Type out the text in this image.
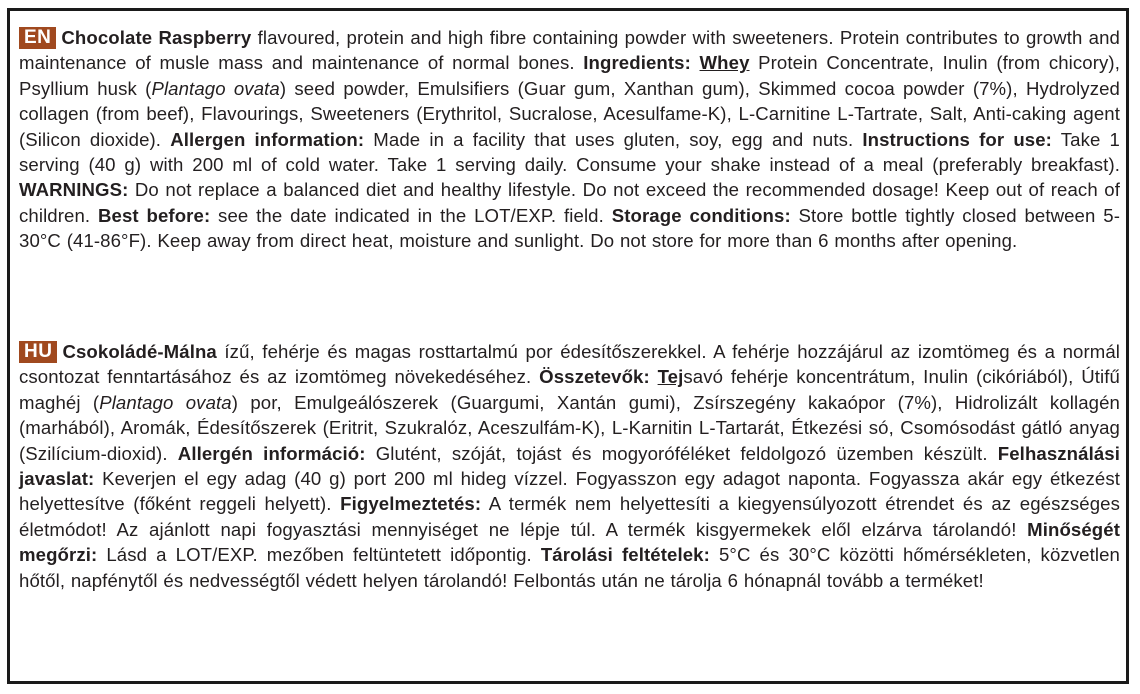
EN Chocolate Raspberry flavoured, protein and high fibre containing powder with sweeteners. Protein contributes to growth and maintenance of musle mass and maintenance of normal bones. Ingredients: Whey Protein Concentrate, Inulin (from chicory), Psyllium husk (Plantago ovata) seed powder, Emulsifiers (Guar gum, Xanthan gum), Skimmed cocoa powder (7%), Hydrolyzed collagen (from beef), Flavourings, Sweeteners (Erythritol, Sucralose, Acesulfame-K), L-Carnitine L-Tartrate, Salt, Anti-caking agent (Silicon dioxide). Allergen information: Made in a facility that uses gluten, soy, egg and nuts. Instructions for use: Take 1 serving (40 g) with 200 ml of cold water. Take 1 serving daily. Consume your shake instead of a meal (preferably breakfast). WARNINGS: Do not replace a balanced diet and healthy lifestyle. Do not exceed the recommended dosage! Keep out of reach of children. Best before: see the date indicated in the LOT/EXP. field. Storage conditions: Store bottle tightly closed between 5-30°C (41-86°F). Keep away from direct heat, moisture and sunlight. Do not store for more than 6 months after opening.
HU Csokoládé-Málna ízű, fehérje és magas rosttartalmú por édesítőszerekkel. A fehérje hozzájárul az izomtömeg és a normál csontozat fenntartásához és az izomtömeg növekedéséhez. Összetevők: Tejsavó fehérje koncentrátum, Inulin (cikóriából), Útifű maghéj (Plantago ovata) por, Emulgeálószerek (Guargumi, Xantán gumi), Zsírszegény kakaópor (7%), Hidrolizált kollagén (marhából), Aromák, Édesítőszerek (Eritrit, Szukralóz, Aceszulfám-K), L-Karnitin L-Tartarát, Étkezési só, Csomósodást gátló anyag (Szilícium-dioxid). Allergén információ: Glutént, szóját, tojást és mogyoróféléket feldolgozó üzemben készült. Felhasználási javaslat: Keverjen el egy adag (40 g) port 200 ml hideg vízzel. Fogyasszon egy adagot naponta. Fogyassza akár egy étkezést helyettesítve (főként reggeli helyett). Figyelmeztetés: A termék nem helyettesíti a kiegyensúlyozott étrendet és az egészséges életmódot! Az ajánlott napi fogyasztási mennyiséget ne lépje túl. A termék kisgyermekek elől elzárva tárolandó! Minőségét megőrzi: Lásd a LOT/EXP. mezőben feltüntetett időpontig. Tárolási feltételek: 5°C és 30°C közötti hőmérsékleten, közvetlen hőtől, napfénytől és nedvességtől védett helyen tárolandó! Felbontás után ne tárolja 6 hónapnál tovább a terméket!
